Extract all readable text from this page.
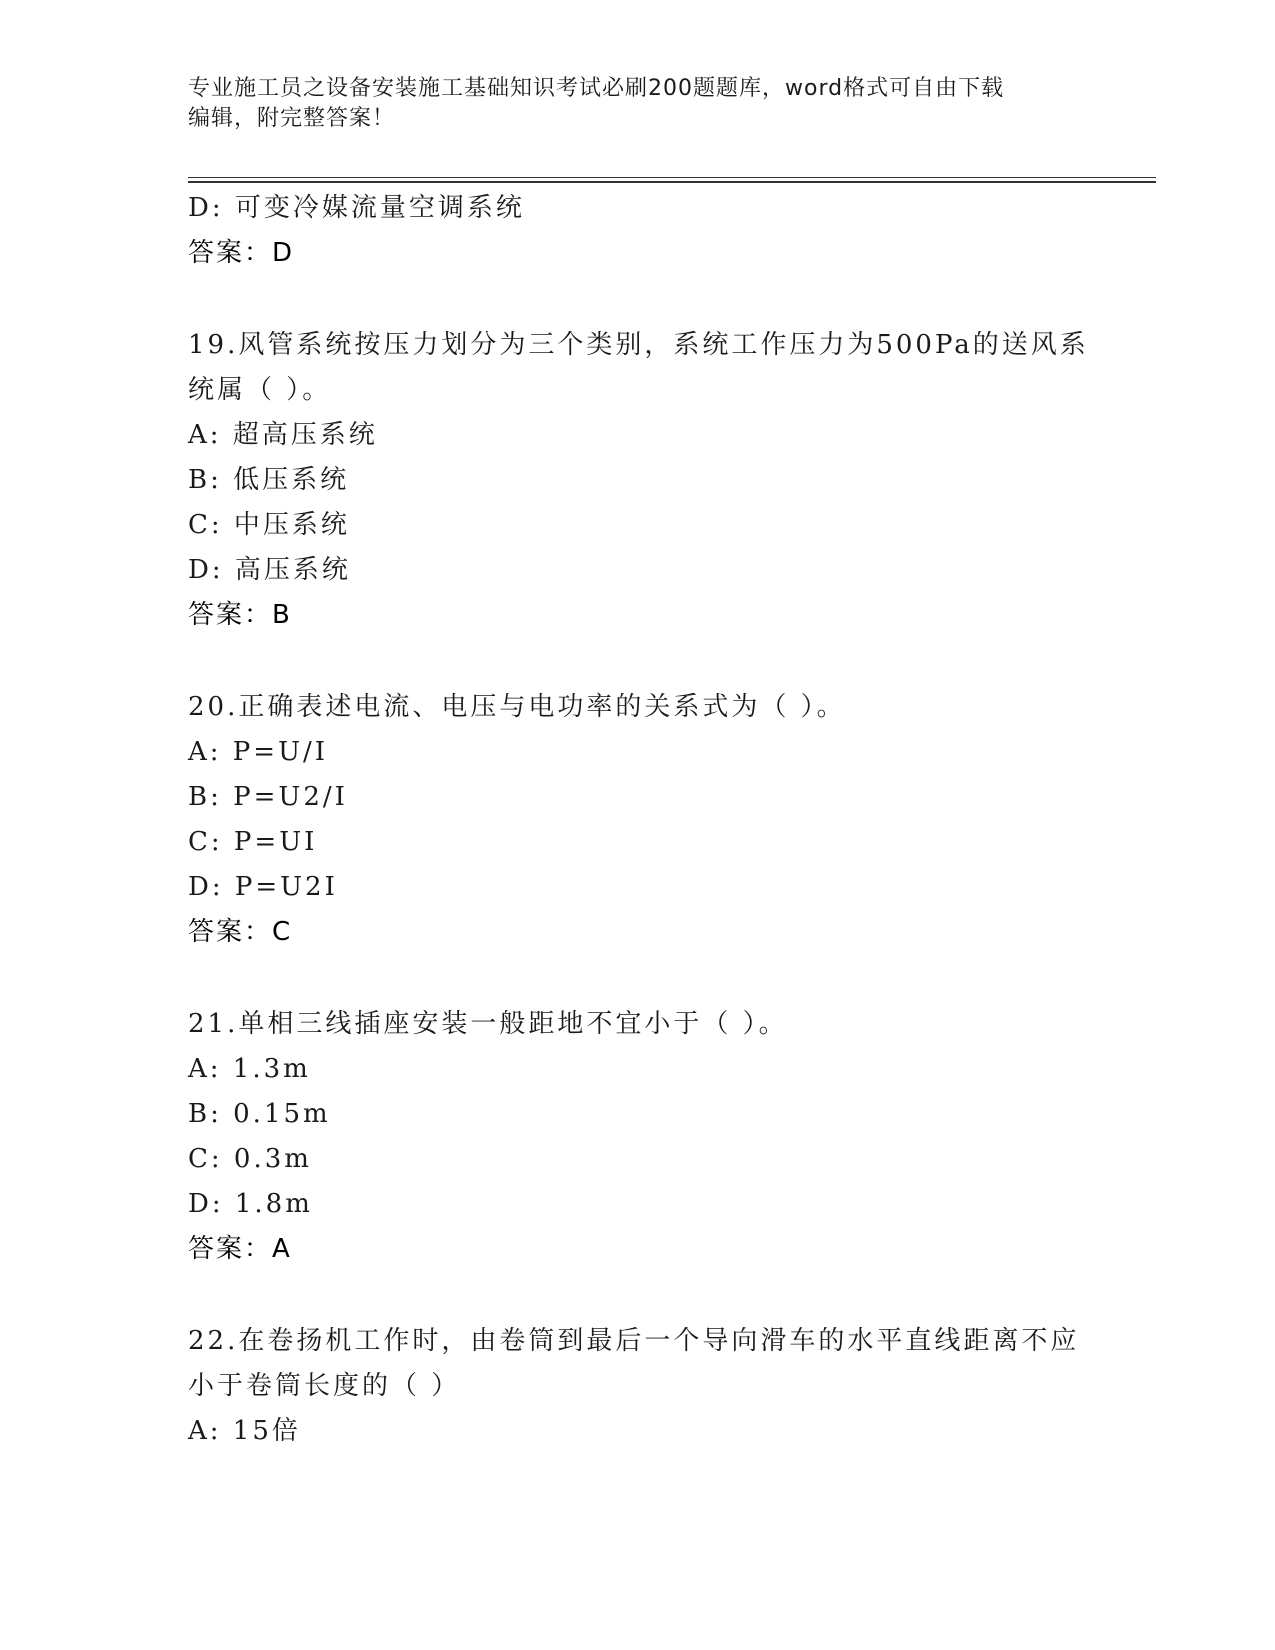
专业施工员之设备安装施工基础知识考试必刷200题题库，word格式可自由下载
编辑，附完整答案！
D: 可变冷媒流量空调系统
答案：D
19.风管系统按压力划分为三个类别，系统工作压力为500Pa的送风系
统属（ ）。
A: 超高压系统
B: 低压系统
C: 中压系统
D: 高压系统
答案：B
20.正确表述电流、电压与电功率的关系式为（ ）。
A: P=U/I
B: P=U2/I
C: P=UI
D: P=U2I
答案：C
21.单相三线插座安装一般距地不宜小于（ ）。
A: 1.3m
B: 0.15m
C: 0.3m
D: 1.8m
答案：A
22.在卷扬机工作时，由卷筒到最后一个导向滑车的水平直线距离不应
小于卷筒长度的（ ）
A: 15倍
